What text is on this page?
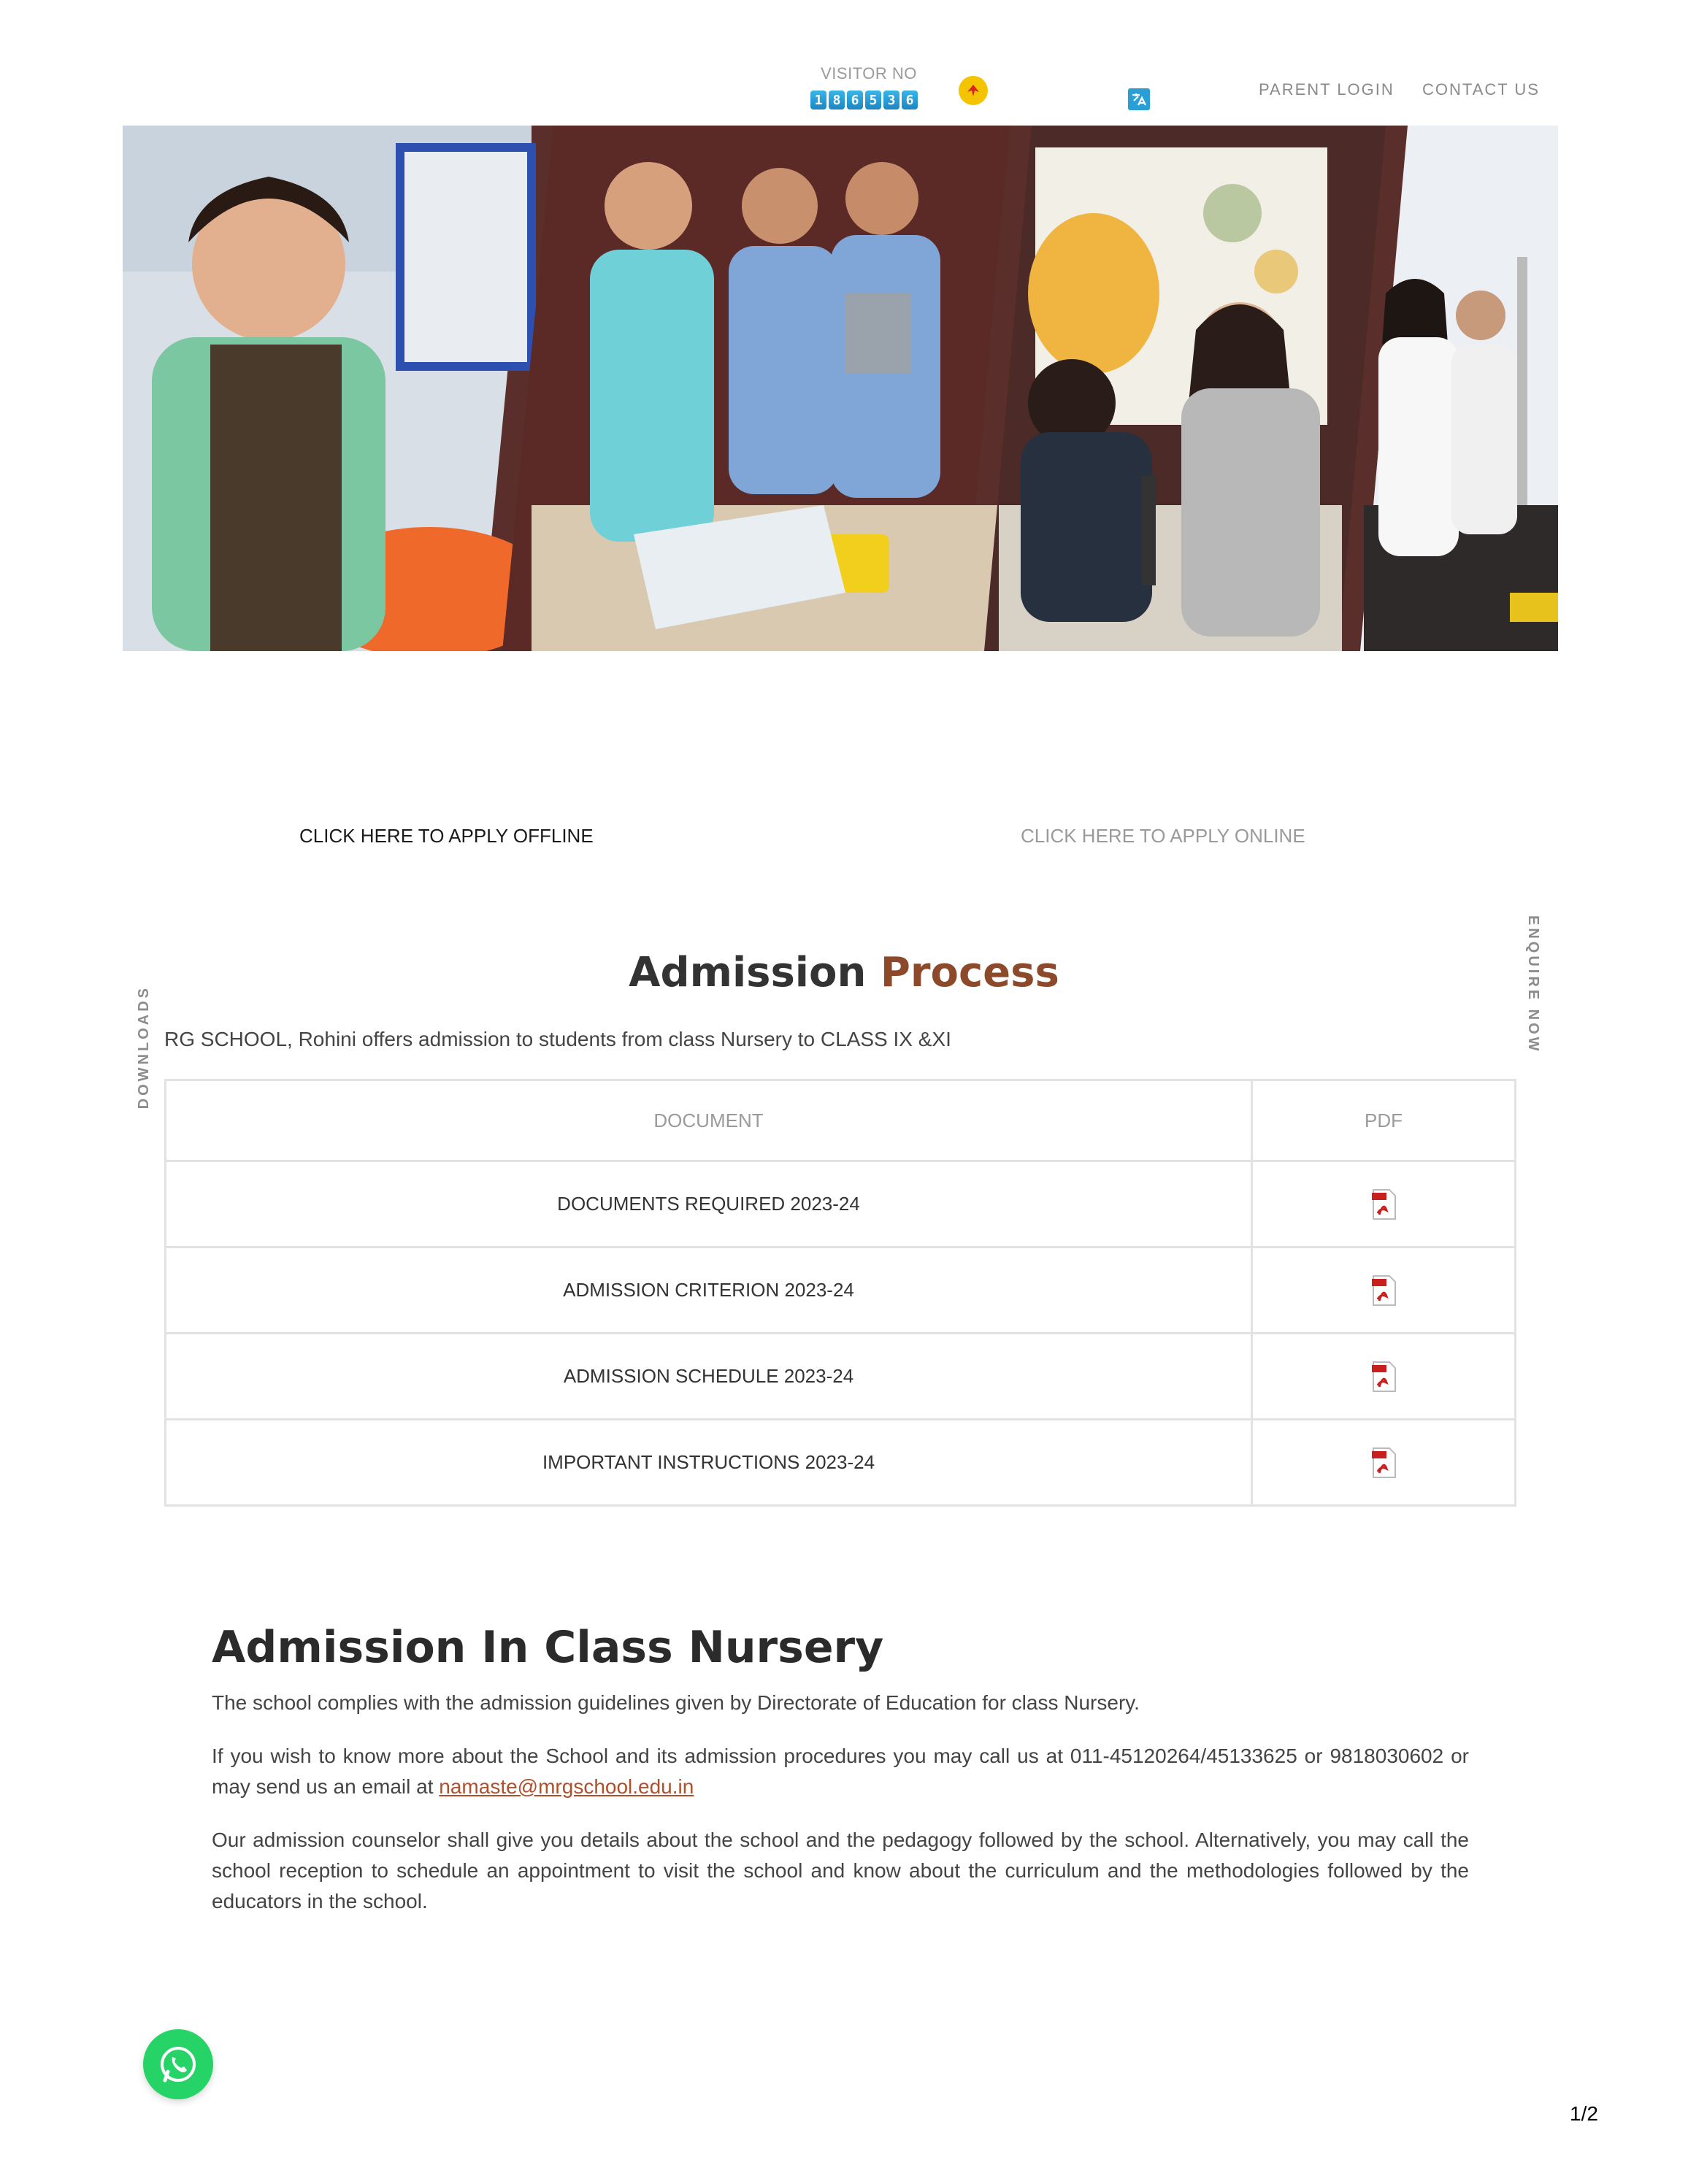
VISITOR NO
1 8 6 5 3 6
PARENT LOGIN CONTACT US
CLICK HERE TO APPLY OFFLINE	CLICK HERE TO APPLY ONLINE
DOWNLOADS	ENQUIRE NOW
Admission Process
RG SCHOOL, Rohini offers admission to students from class Nursery to CLASS IX &XI
DOCUMENT	PDF
DOCUMENTS REQUIRED 2023-24	
ADMISSION CRITERION 2023-24	
ADMISSION SCHEDULE 2023-24	
IMPORTANT INSTRUCTIONS 2023-24	
Admission In Class Nursery
The school complies with the admission guidelines given by Directorate of Education for class Nursery.
If you wish to know more about the School and its admission procedures you may call us at 011-45120264/45133625 or 9818030602 or may send us an email at namaste@mrgschool.edu.in
Our admission counselor shall give you details about the school and the pedagogy followed by the school. Alternatively, you may call the school reception to schedule an appointment to visit the school and know about the curriculum and the methodologies followed by the educators in the school.
1/2
